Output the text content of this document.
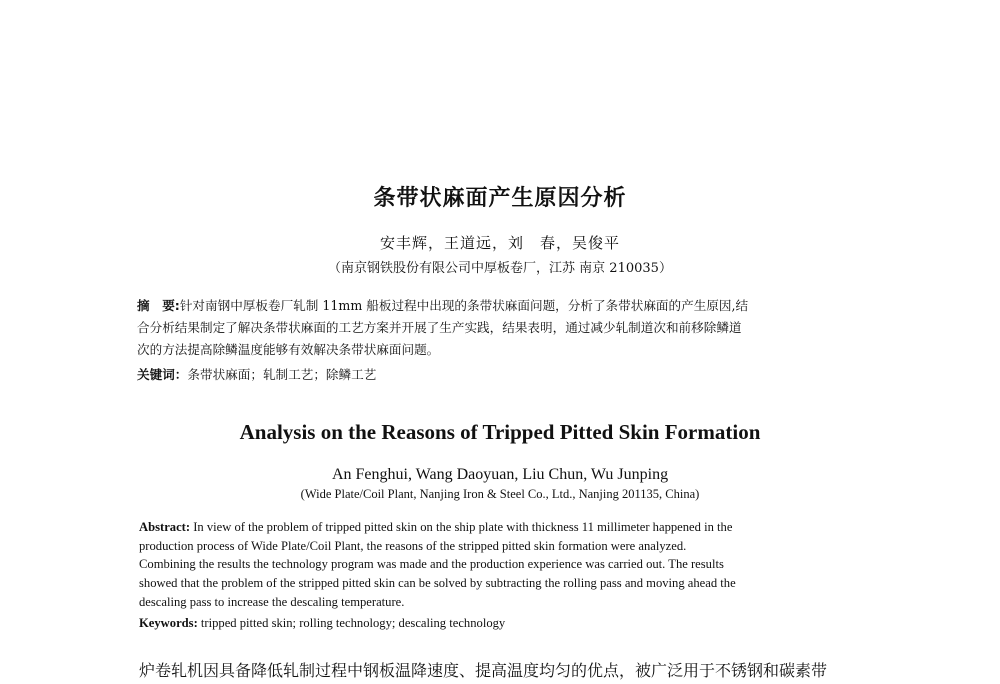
条带状麻面产生原因分析
安丰辉，王道远，刘　春，吴俊平
（南京钢铁股份有限公司中厚板卷厂，江苏 南京 210035）
摘　要:针对南钢中厚板卷厂轧制 11mm 船板过程中出现的条带状麻面问题，分析了条带状麻面的产生原因,结
合分析结果制定了解决条带状麻面的工艺方案并开展了生产实践，结果表明，通过减少轧制道次和前移除鳞道
次的方法提高除鳞温度能够有效解决条带状麻面问题。
关键词：条带状麻面；轧制工艺；除鳞工艺
Analysis on the Reasons of Tripped Pitted Skin Formation
An Fenghui, Wang Daoyuan, Liu Chun, Wu Junping
(Wide Plate/Coil Plant, Nanjing Iron & Steel Co., Ltd., Nanjing 201135, China)
Abstract: In view of the problem of tripped pitted skin on the ship plate with thickness 11 millimeter happened in the
production process of Wide Plate/Coil Plant, the reasons of the stripped pitted skin formation were analyzed.
Combining the results the technology program was made and the production experience was carried out. The results
showed that the problem of the stripped pitted skin can be solved by subtracting the rolling pass and moving ahead the
descaling pass to increase the descaling temperature.
Keywords: tripped pitted skin; rolling technology; descaling technology
炉卷轧机因具备降低轧制过程中钢板温降速度、提高温度均匀的优点，被广泛用于不锈钢和碳素带
